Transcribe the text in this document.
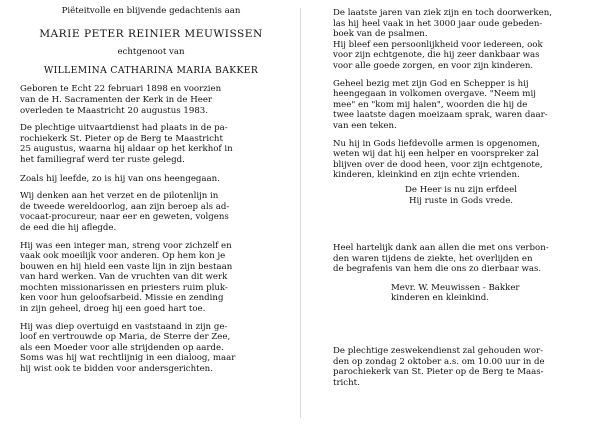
Piëteitvolle en blijvende gedachtenis aan

MARIE PETER REINIER MEUWISSEN

echtgenoot van

WILLEMINA CATHARINA MARIA BAKKER

Geboren te Echt 22 februari 1898 en voorzien
van de H. Sacramenten der Kerk in de Heer
overleden te Maastricht 20 augustus 1983.

De plechtige uitvaartdienst had plaats in de pa-
rochiekerk St. Pieter op de Berg te Maastricht
25 augustus, waarna hij aldaar op het kerkhof in
het familiegraf werd ter ruste gelegd.

Zoals hij leefde, zo is hij van ons heengegaan.

Wij denken aan het verzet en de pilotenlijn in
de tweede wereldoorlog, aan zijn beroep als ad-
vocaat-procureur, naar eer en geweten, volgens
de eed die hij aflegde.

Hij was een integer man, streng voor zichzelf en
vaak ook moeilijk voor anderen. Op hem kon je
bouwen en hij hield een vaste lijn in zijn bestaan
van hard werken. Van de vruchten van dit werk
mochten missionarissen en priesters ruim pluk-
ken voor hun geloofsarbeid. Missie en zending
in zijn geheel, droeg hij een goed hart toe.

Hij was diep overtuigd en vaststaand in zijn ge-
loof en vertrouwde op Maria, de Sterre der Zee,
als een Moeder voor alle strijdenden op aarde.
Soms was hij wat rechtlijnig in een dialoog, maar
hij wist ook te bidden voor andersgerichten.

De laatste jaren van ziek zijn en toch doorwerken,
las hij heel vaak in het 3000 jaar oude gebeden-
boek van de psalmen.
Hij bleef een persoonlijkheid voor iedereen, ook
voor zijn echtgenote, die hij zeer dankbaar was
voor alle goede zorgen, en voor zijn kinderen.

Geheel bezig met zijn God en Schepper is hij
heengegaan in volkomen overgave. "Neem mij
mee" en "kom mij halen", woorden die hij de
twee laatste dagen moeizaam sprak, waren daar-
van een teken.

Nu hij in Gods liefdevolle armen is opgenomen,
weten wij dat hij een helper en voorspreker zal
blijven over de dood heen, voor zijn echtgenote,
kinderen, kleinkind en zijn echte vrienden.

De Heer is nu zijn erfdeel
Hij ruste in Gods vrede.

Heel hartelijk dank aan allen die met ons verbon-
den waren tijdens de ziekte, het overlijden en
de begrafenis van hem die ons zo dierbaar was.

Mevr. W. Meuwissen - Bakker
kinderen en kleinkind.

De plechtige zeswekendienst zal gehouden wor-
den op zondag 2 oktober a.s. om 10.00 uur in de
parochiekerk van St. Pieter op de Berg te Maas-
tricht.
